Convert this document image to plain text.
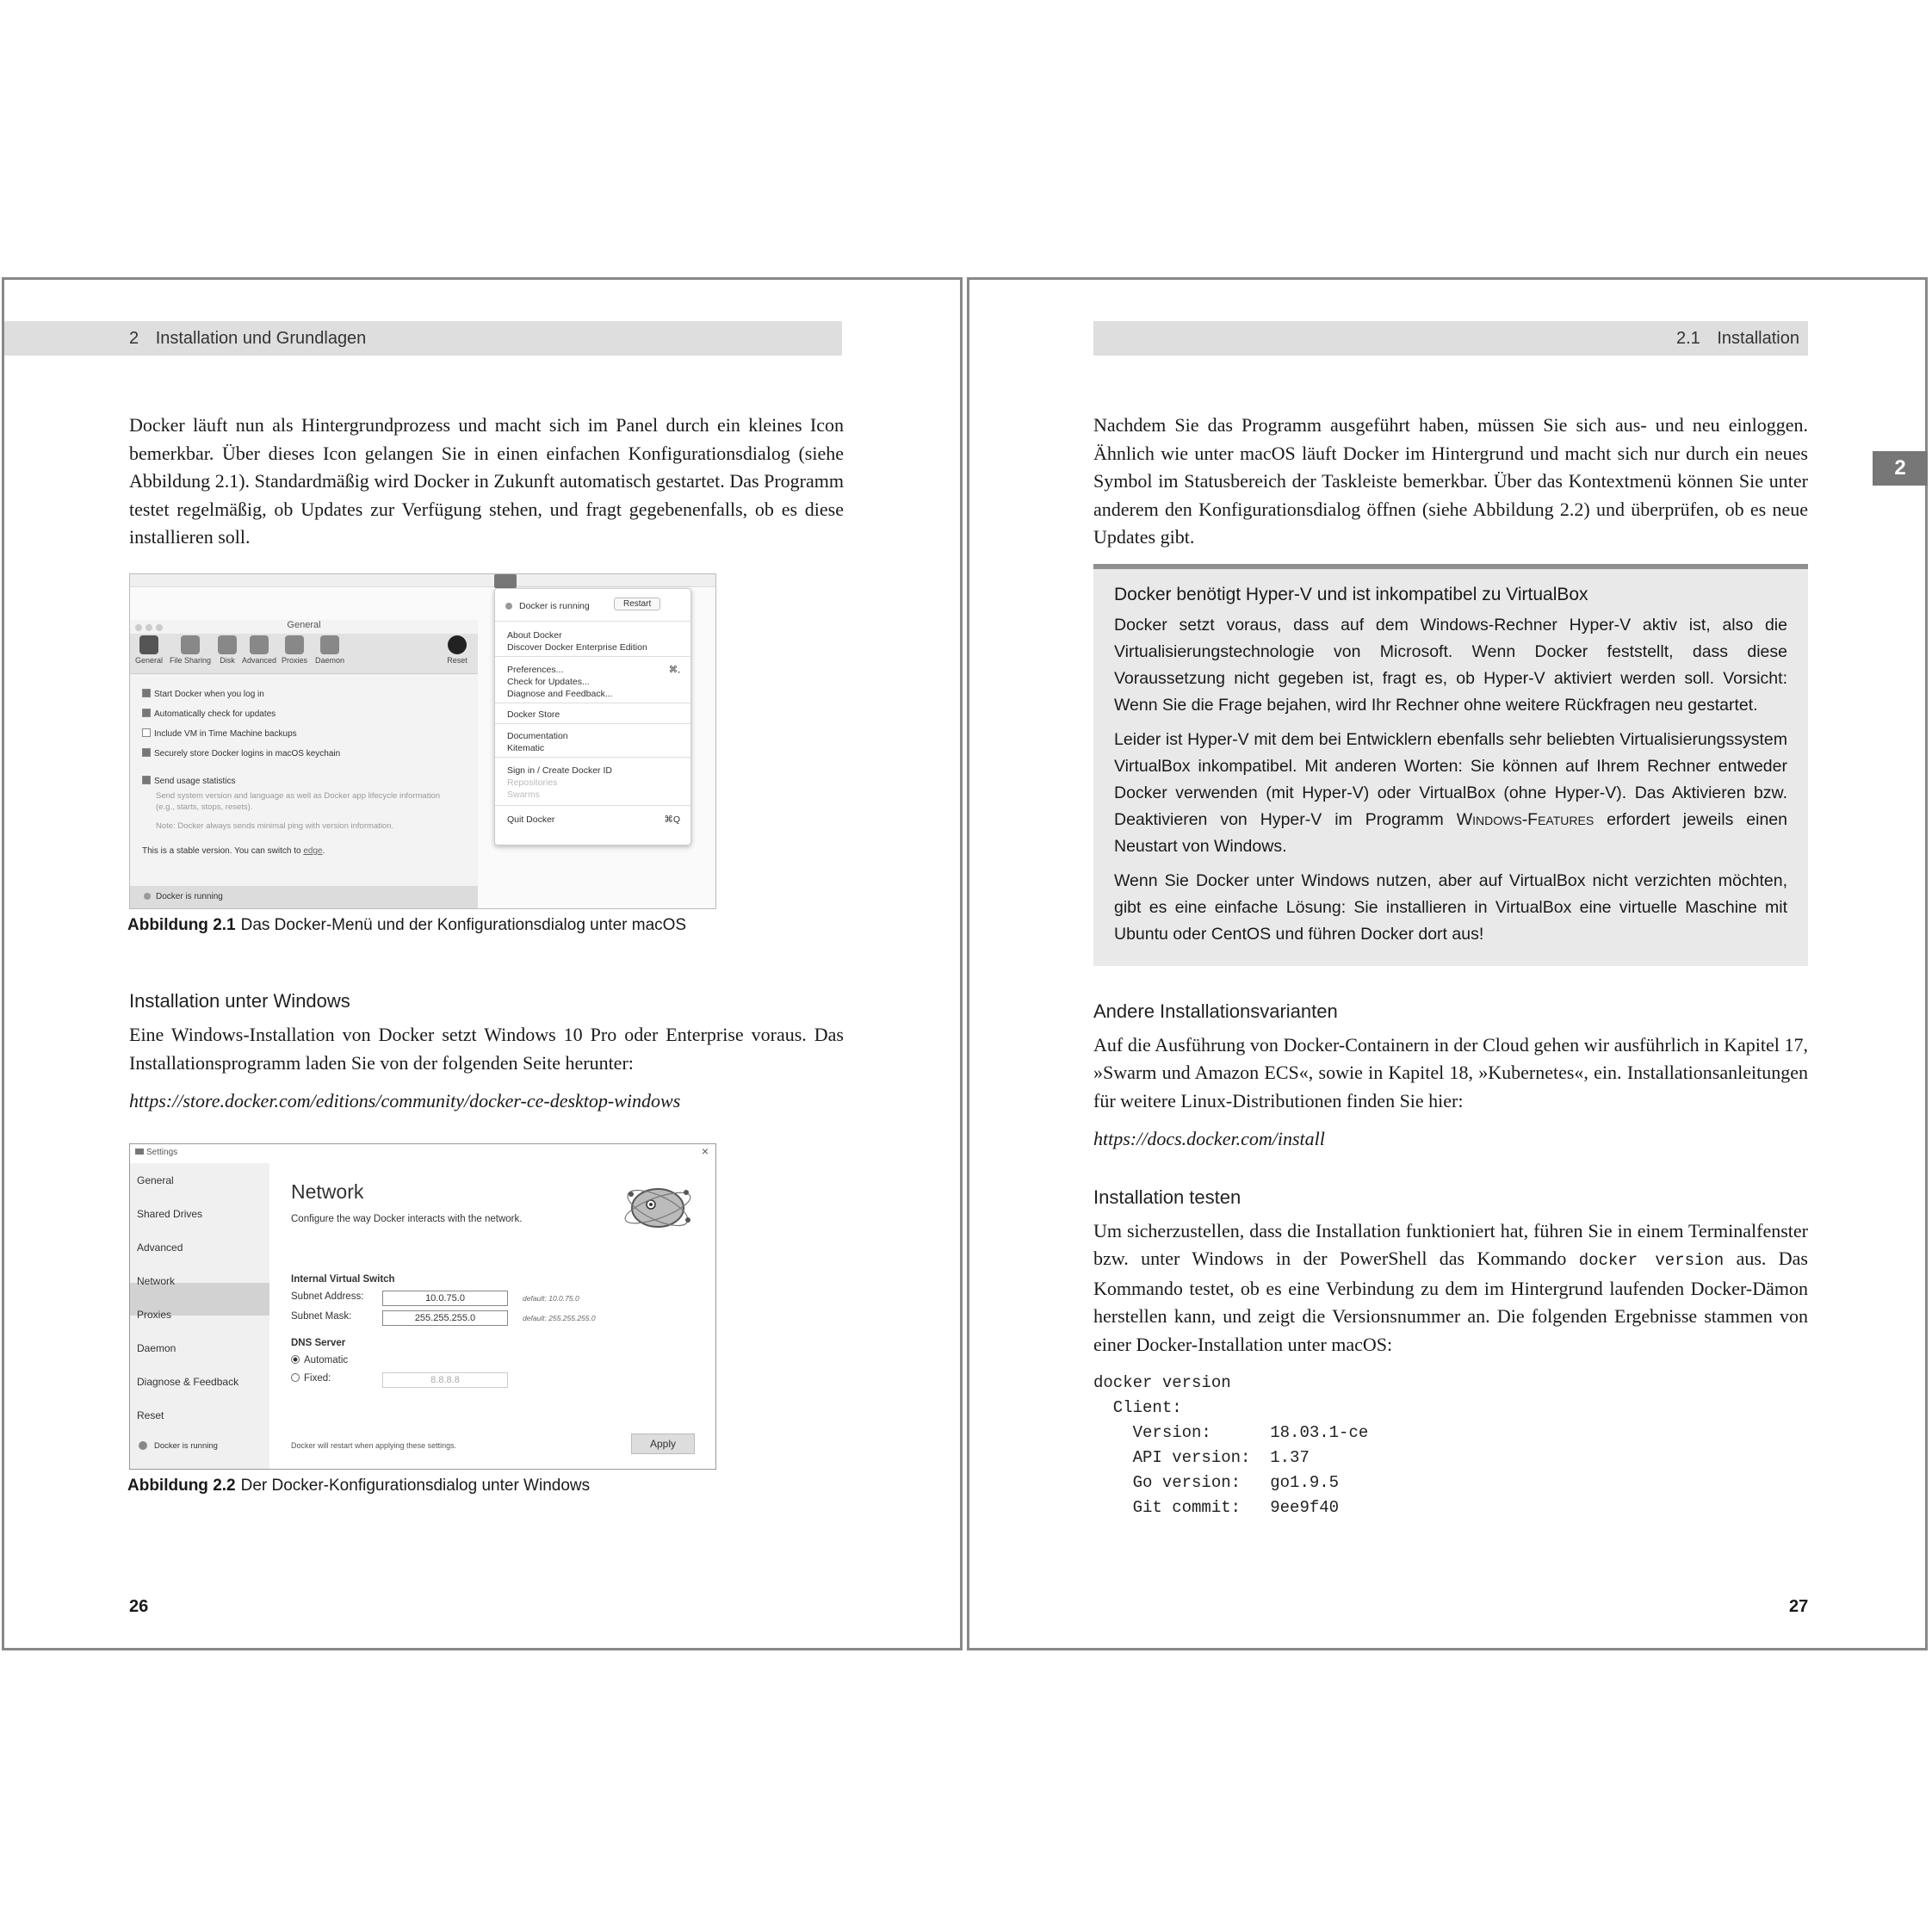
2 Installation und Grundlagen

Docker läuft nun als Hintergrundprozess und macht sich im Panel durch ein kleines Icon bemerkbar. Über dieses Icon gelangen Sie in einen einfachen Konfigurationsdialog (siehe Abbildung 2.1). Standardmäßig wird Docker in Zukunft automatisch gestartet. Das Programm testet regelmäßig, ob Updates zur Verfügung stehen, und fragt gegebenenfalls, ob es diese installieren soll.

General
General File Sharing	Disk Advanced Proxies Daemon	Reset
Start Docker when you log in
Automatically check for updates
Include VM in Time Machine backups
Securely store Docker logins in macOS keychain
Send usage statistics
Send system version and language as well as Docker app lifecycle information (e.g., starts, stops, resets).
Note: Docker always sends minimal ping with version information.
This is a stable version. You can switch to edge.
Docker is running
Docker is running	Restart
About Docker
Discover Docker Enterprise Edition
Preferences...	⌘,
Check for Updates...
Diagnose and Feedback...
Docker Store
Documentation
Kitematic
Sign in / Create Docker ID
Repositories
Swarms
Quit Docker	⌘Q
Abbildung 2.1 Das Docker-Menü und der Konfigurationsdialog unter macOS
Installation unter Windows

Eine Windows-Installation von Docker setzt Windows 10 Pro oder Enterprise voraus. Das Installationsprogramm laden Sie von der folgenden Seite herunter:

https://store.docker.com/editions/community/docker-ce-desktop-windows

Settings	×
General
Shared Drives
Advanced
Network
Proxies
Daemon
Diagnose & Feedback
Reset
Docker is running
Network
Configure the way Docker interacts with the network.
Internal Virtual Switch
Subnet Address:	10.0.75.0	default: 10.0.75.0
Subnet Mask:	255.255.255.0	default: 255.255.255.0
DNS Server
Automatic
Fixed:	8.8.8.8
Docker will restart when applying these settings.	Apply
Abbildung 2.2 Der Docker-Konfigurationsdialog unter Windows
26
2.1 Installation
2

Nachdem Sie das Programm ausgeführt haben, müssen Sie sich aus- und neu einloggen. Ähnlich wie unter macOS läuft Docker im Hintergrund und macht sich nur durch ein neues Symbol im Statusbereich der Taskleiste bemerkbar. Über das Kontextmenü können Sie unter anderem den Konfigurationsdialog öffnen (siehe Abbildung 2.2) und überprüfen, ob es neue Updates gibt.

Docker benötigt Hyper-V und ist inkompatibel zu VirtualBox

Docker setzt voraus, dass auf dem Windows-Rechner Hyper-V aktiv ist, also die Virtualisierungstechnologie von Microsoft. Wenn Docker feststellt, dass diese Voraussetzung nicht gegeben ist, fragt es, ob Hyper-V aktiviert werden soll. Vorsicht: Wenn Sie die Frage bejahen, wird Ihr Rechner ohne weitere Rückfragen neu gestartet.

Leider ist Hyper-V mit dem bei Entwicklern ebenfalls sehr beliebten Virtualisierungssystem VirtualBox inkompatibel. Mit anderen Worten: Sie können auf Ihrem Rechner entweder Docker verwenden (mit Hyper-V) oder VirtualBox (ohne Hyper-V). Das Aktivieren bzw. Deaktivieren von Hyper-V im Programm Windows-Features erfordert jeweils einen Neustart von Windows.

Wenn Sie Docker unter Windows nutzen, aber auf VirtualBox nicht verzichten möchten, gibt es eine einfache Lösung: Sie installieren in VirtualBox eine virtuelle Maschine mit Ubuntu oder CentOS und führen Docker dort aus!

Andere Installationsvarianten

Auf die Ausführung von Docker-Containern in der Cloud gehen wir ausführlich in Kapitel 17, »Swarm und Amazon ECS«, sowie in Kapitel 18, »Kubernetes«, ein. Installationsanleitungen für weitere Linux-Distributionen finden Sie hier:

https://docs.docker.com/install

Installation testen

Um sicherzustellen, dass die Installation funktioniert hat, führen Sie in einem Terminalfenster bzw. unter Windows in der PowerShell das Kommando docker version aus. Das Kommando testet, ob es eine Verbindung zu dem im Hintergrund laufenden Docker-Dämon herstellen kann, und zeigt die Versionsnummer an. Die folgenden Ergebnisse stammen von einer Docker-Installation unter macOS:

docker version
Client:
Version:      18.03.1-ce
API version:  1.37
Go version:   go1.9.5
Git commit:   9ee9f40
27
